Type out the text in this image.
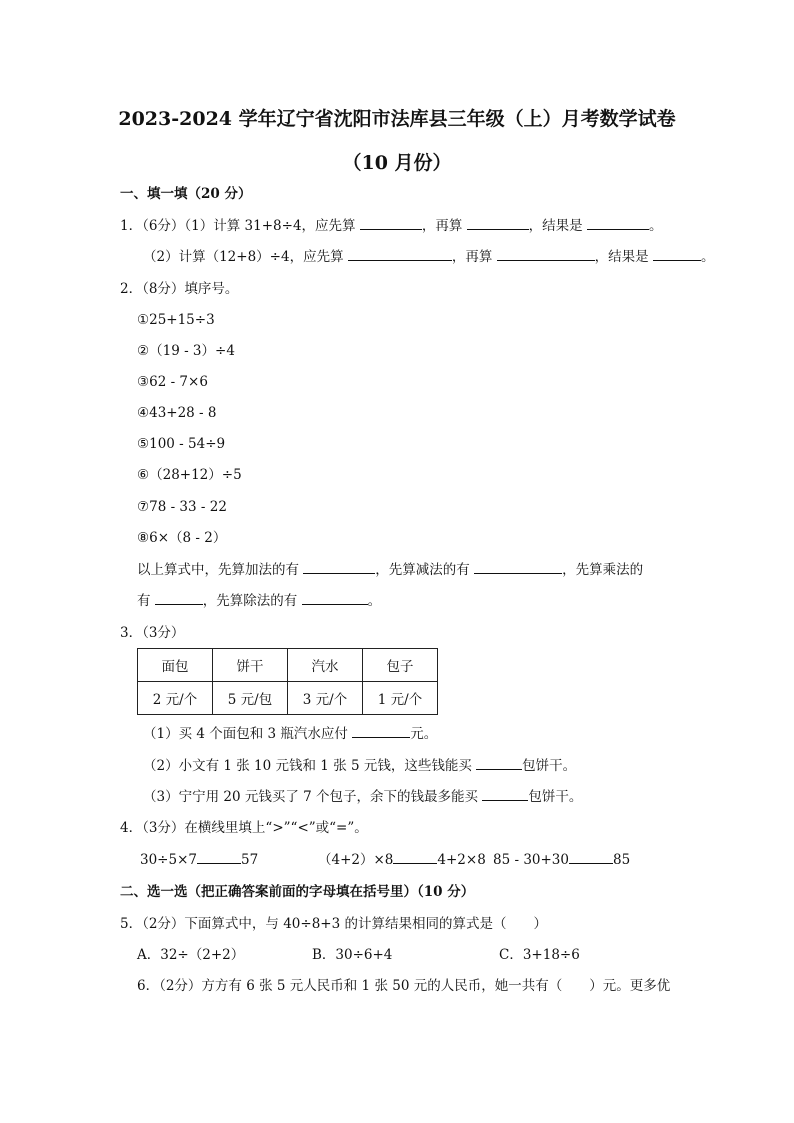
2023-2024 学年辽宁省沈阳市法库县三年级（上）月考数学试卷
（10 月份）
一、填一填（20 分）
1．（6分）（1）计算 31+8÷4，应先算	，再算	，结果是	。
（2）计算（12+8）÷4，应先算	，再算	，结果是	。
2．（8分）填序号。
①25+15÷3
②（19 - 3）÷4
③62 - 7×6
④43+28 - 8
⑤100 - 54÷9
⑥（28+12）÷5
⑦78 - 33 - 22
⑧6×（8 - 2）
以上算式中，先算加法的有	，先算减法的有	，先算乘法的
有	，先算除法的有	。
3．（3分）
面包	饼干	汽水	包子
2 元/个	5 元/包	3 元/个	1 元/个
（1）买 4 个面包和 3 瓶汽水应付	元。
（2）小文有 1 张 10 元钱和 1 张 5 元钱，这些钱能买	包饼干。
（3）宁宁用 20 元钱买了 7 个包子，余下的钱最多能买	包饼干。
4．（3分）在横线里填上“>”“<”或“=”。
30÷5×7	57	（4+2）×8	4+2×8 85 - 30+30	85
二、选一选（把正确答案前面的字母填在括号里）（10 分）
5．（2分）下面算式中，与 40÷8+3 的计算结果相同的算式是（　　）
A．32÷（2+2）	B．30÷6+4	C．3+18÷6
6．（2分）方方有 6 张 5 元人民币和 1 张 50 元的人民币，她一共有（　　）元。更多优
